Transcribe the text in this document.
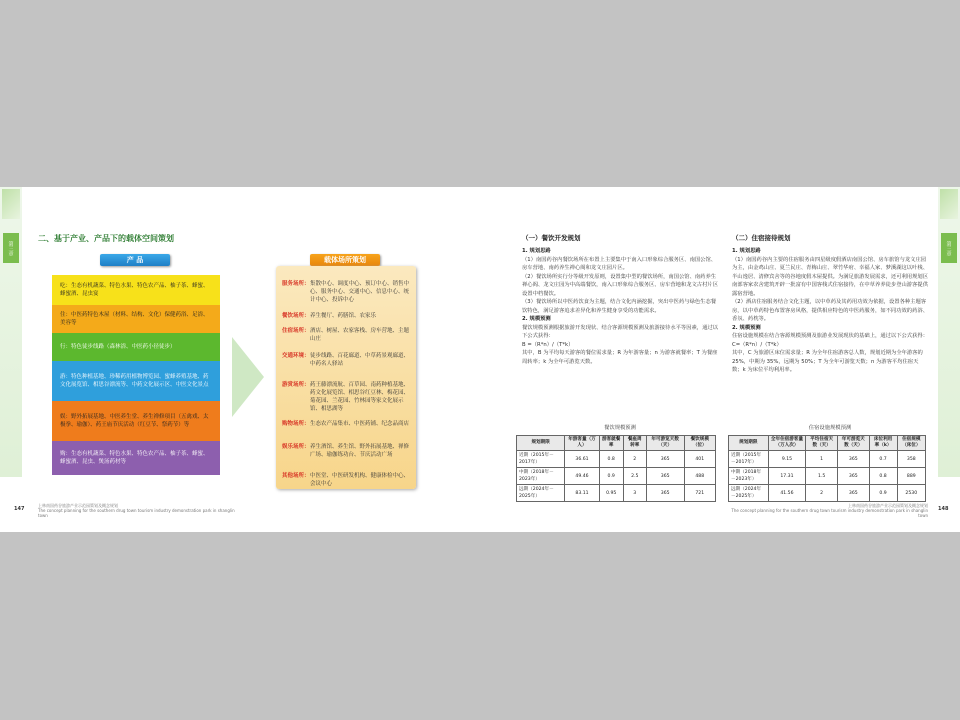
第三章	第三章
二、基于产业、产品下的载体空间策划
产 品	载体场所策划
吃：生态有机蔬菜、特色水果、特色农产品、柚子茶、蜂蜜、蜂蜜酒、昆虫宴
住：中医药特色木屋（材料、结构、文化）保健药浴、足浴、美容等
行：特色徒步线路（森林浴、中医药小径徒步）
游：特色种植基地、珍稀药用植物博览园、蜜蜂养殖基地、药文化展览馆、相思谷漂流等、中药文化展示区、中医文化景点
娱：野外拓展基地、中医养生堂、养生禅修项目（五禽戏、太极拳、瑜伽）、药王庙节庆活动（红豆节、祭药节）等
购：生态有机蔬菜、特色水果、特色农产品、柚子茶、蜂蜜、蜂蜜酒、昆虫、煲汤药材等
服务场所： 集散中心、调度中心、预订中心、销售中心、服务中心、交通中心、信息中心、统计中心、投诉中心
餐饮场所： 养生餐厅、药膳馆、农家乐
住宿场所： 酒店、树屋、农家客栈、房车营地、主题山庄
交通环境： 徒步线路、百花廊道、中草药景观廊道、中药名人驿站
游赏场所： 药王藤漂流航、百草园、南药种植基地、药文化展览馆、相思谷红豆林、梅花园、菊花园、兰花园、竹林园等家文化展示馆、相思湖等
购物场所： 生态农产品集市、中医药铺、纪念品商店
娱乐场所： 养生酒馆、养生馆、野外拓展基地、禅修广场、瑜伽练功台、节庆活动广场
其他场所： 中医堂、中医研发机构、健康体检中心、会议中心
147
上林南国药谷旅游产业示范园策划及概念规划
The concept planning for the southern drug town tourism industry demonstration park in shanglin town
（一）餐饮开发规划

1. 规划思路

（1）南国药谷内餐饮场所在布置上主要集中于南入口形象综合服务区、南国公馆、房车营地、南药养生禅心阁和龙文庄园片区。

（2）餐饮场所实行分等级开发原则，设置集中型的餐饮场所，南国公馆、南药养生禅心阁、龙文庄园为中高端餐饮，南入口形象综合服务区、房车营地和龙文古村片区设置中档餐饮。

（3）餐饮场所以中医药饮食为主题，结合文化内涵挖掘，突出中医药与绿色生态餐饮特色，满足游客追求差异化和养生健身享受的功能需求。

2. 规模预测

餐饮规模预测根据旅游开发现状、结合客源规模预测及旅游接待水平等因素，通过以下公式获得：

B =（R*n）/（T*k）

其中，B 为平均每天游客的餐位需求量；R 为年游客量；n 为游客就餐率；T 为餐座周转率；k 为全年可游览天数。

餐饮规模预测
规划期限	年游客量（万人）	游客就餐率	餐座周转率	年可游览天数（天）	餐饮规模（位）
近期（2015年－2017年）	36.61	0.8	2	365	401
中期（2018年－2023年）	49.46	0.9	2.5	365	488
远期（2024年－2025年）	83.11	0.95	3	365	721
（二）住宿接待规划

1. 规划思路

（1）南国药谷内主要的住宿服务由四星级度假酒店南国公馆、房车旅馆与龙文庄园为主，由金鸡山庄、夏兰民庄、青梅山庄、翠竹华府、幸福人家、梦溪湖这以叶栈、半山逸居、清修宾舍等的谷地度假木屋提供。为满足旅游发展需求，还可利用规划区南部客家农舍建筑开辟一批富有中国客栈式住宿接待，在中草养养徒步登山游客提供露宿营地。

（2）酒店住宿服务结合文化主题，以中草药及其药用功效为依据，设置各种主题客房，以中草药特色布置客房风格，提供相应特色的中医药服务，如不同功效的药浴、香氛、药枕等。

2. 规模预测

住宿设施规模在结合客源规模预测及旅游业发展现状的基础上，通过以下公式获得：

C=（R*n）/（T*k）

其中，C 为旅游区床位需求量；R 为全年住宿游客总人数，规划近期为全年游客的 25%，中期为 35%，远期为 50%；T 为全年可游览天数；n 为游客平均住宿天数；k 为床位平均利用率。

住宿设施规模预测
规划期限	全年住宿游客量（万人次）	平均住宿天数（天）	年可游览天数（天）	床位利用率（k）	住宿规模（床位）
近期（2015年－2017年）	9.15	1	365	0.7	358
中期（2018年－2023年）	17.31	1.5	365	0.8	889
远期（2024年－2025年）	41.56	2	365	0.9	2530
上林南国药谷旅游产业示范园策划及概念规划
The concept planning for the southern drug town tourism industry demonstration park in shanglin town
148
